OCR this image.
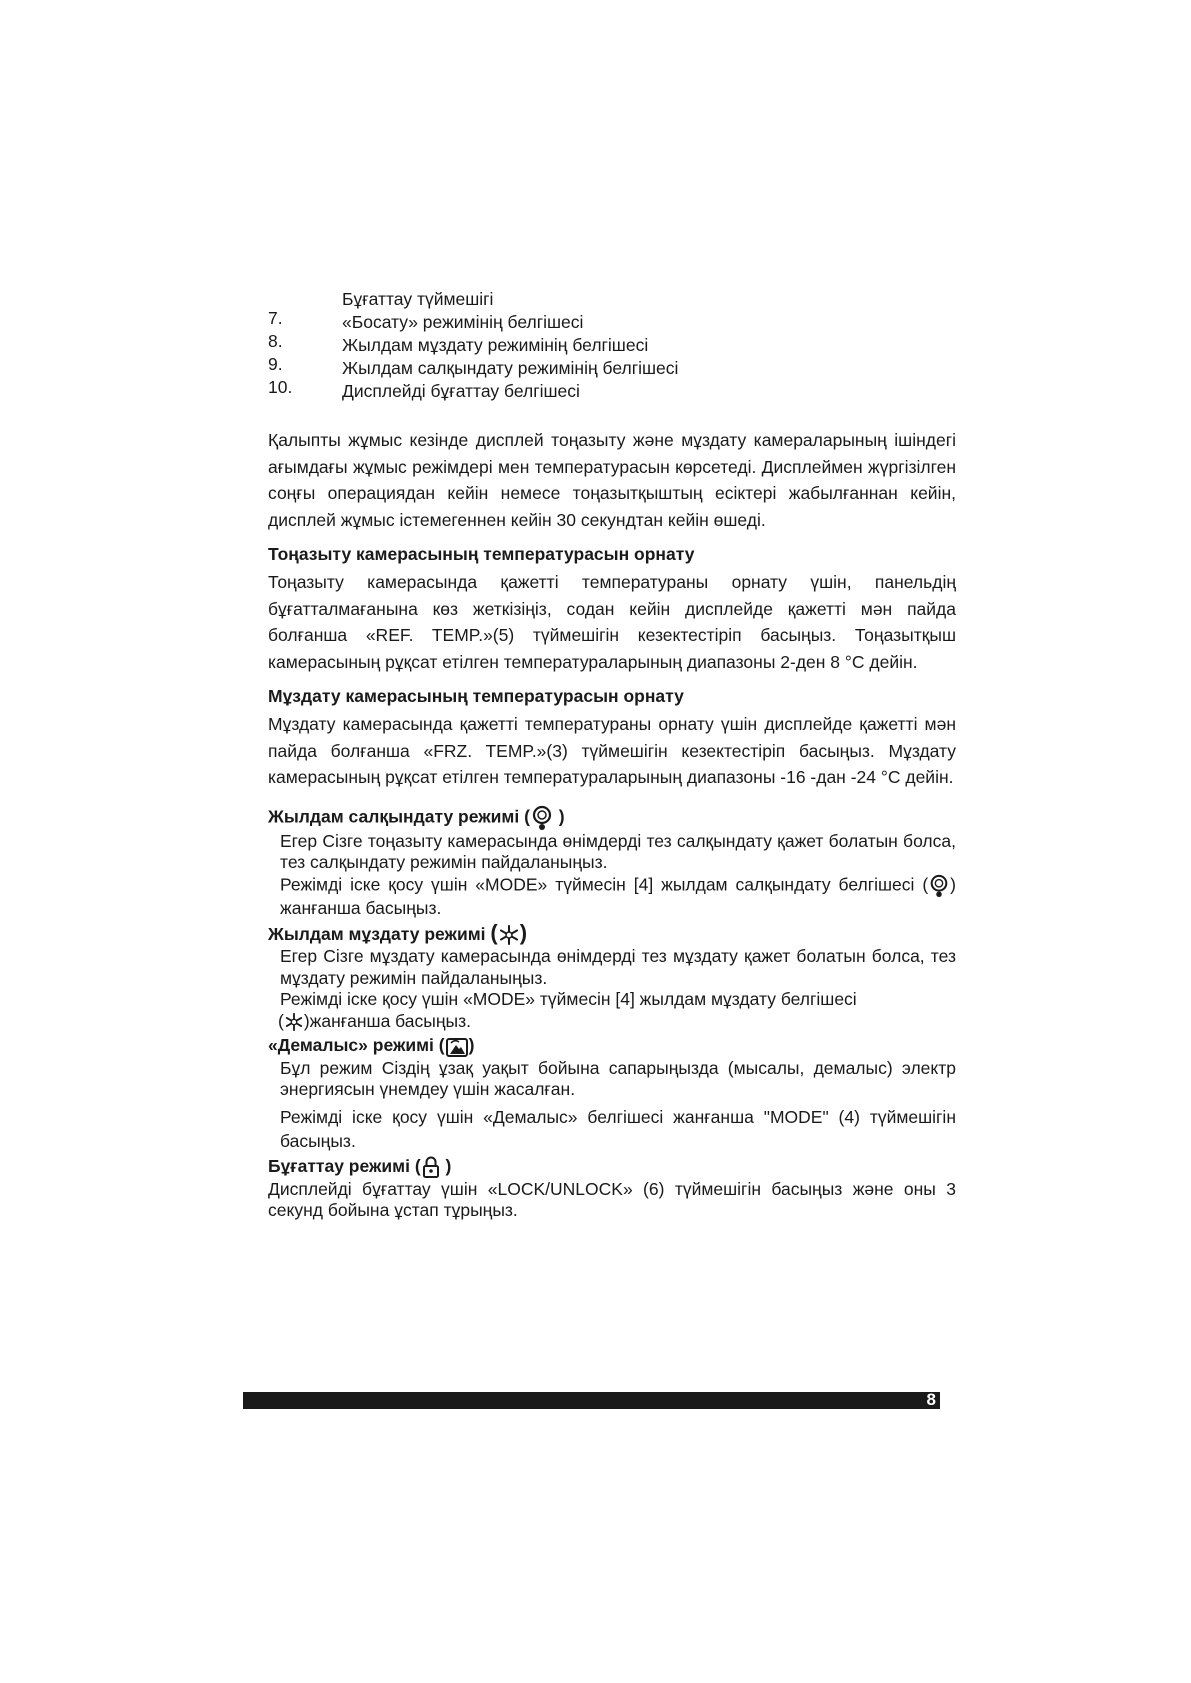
Бұғаттау түймешігі
7.	«Босату» режимінің белгішесі
8.	Жылдам мұздату режимінің белгішесі
9.	Жылдам салқындату режимінің белгішесі
10.	Дисплейді бұғаттау белгішесі

Қалыпты жұмыс кезінде дисплей тоңазыту және мұздату камераларының ішіндегі ағымдағы жұмыс режімдері мен температурасын көрсетеді. Дисплеймен жүргізілген соңғы операциядан кейін немесе тоңазытқыштың есіктері жабылғаннан кейін, дисплей жұмыс істемегеннен кейін 30 секундтан кейін өшеді.

Тоңазыту камерасының температурасын орнату

Тоңазыту камерасында қажетті температураны орнату үшін, панельдің бұғатталмағанына көз жеткізіңіз, содан кейін дисплейде қажетті мән пайда болғанша «REF. TEMP.»(5) түймешігін кезектестіріп басыңыз. Тоңазытқыш камерасының рұқсат етілген температураларының диапазоны 2-ден 8 °C дейін.

Мұздату камерасының температурасын орнату

Мұздату камерасында қажетті температураны орнату үшін дисплейде қажетті мән пайда болғанша «FRZ. TEMP.»(3) түймешігін кезектестіріп басыңыз. Мұздату камерасының рұқсат етілген температураларының диапазоны -16 -дан -24 °C дейін.

Жылдам салқындату режимі (
)

Егер Сізге тоңазыту камерасында өнімдерді тез салқындату қажет болатын болса, тез салқындату режимін пайдаланыңыз.

Режімді іске қосу үшін «MODE» түймесін [4] жылдам салқындату белгішесі ( ) жанғанша басыңыз.

Жылдам мұздату режимі ( )

Егер Сізге мұздату камерасында өнімдерді тез мұздату қажет болатын болса, тез мұздату режимін пайдаланыңыз.

Режімді іске қосу үшін «MODE» түймесін [4] жылдам мұздату белгішесі

( )жанғанша басыңыз.

«Демалыс» режимі ( )

Бұл режим Сіздің ұзақ уақыт бойына сапарыңызда (мысалы, демалыс) электр энергиясын үнемдеу үшін жасалған.

Режімді іске қосу үшін «Демалыс» белгішесі жанғанша "MODE" (4) түймешігін басыңыз.

Бұғаттау режимі (
)

Дисплейді бұғаттау үшін «LOCK/UNLOCK» (6) түймешігін басыңыз және оны 3 секунд бойына ұстап тұрыңыз.

8
